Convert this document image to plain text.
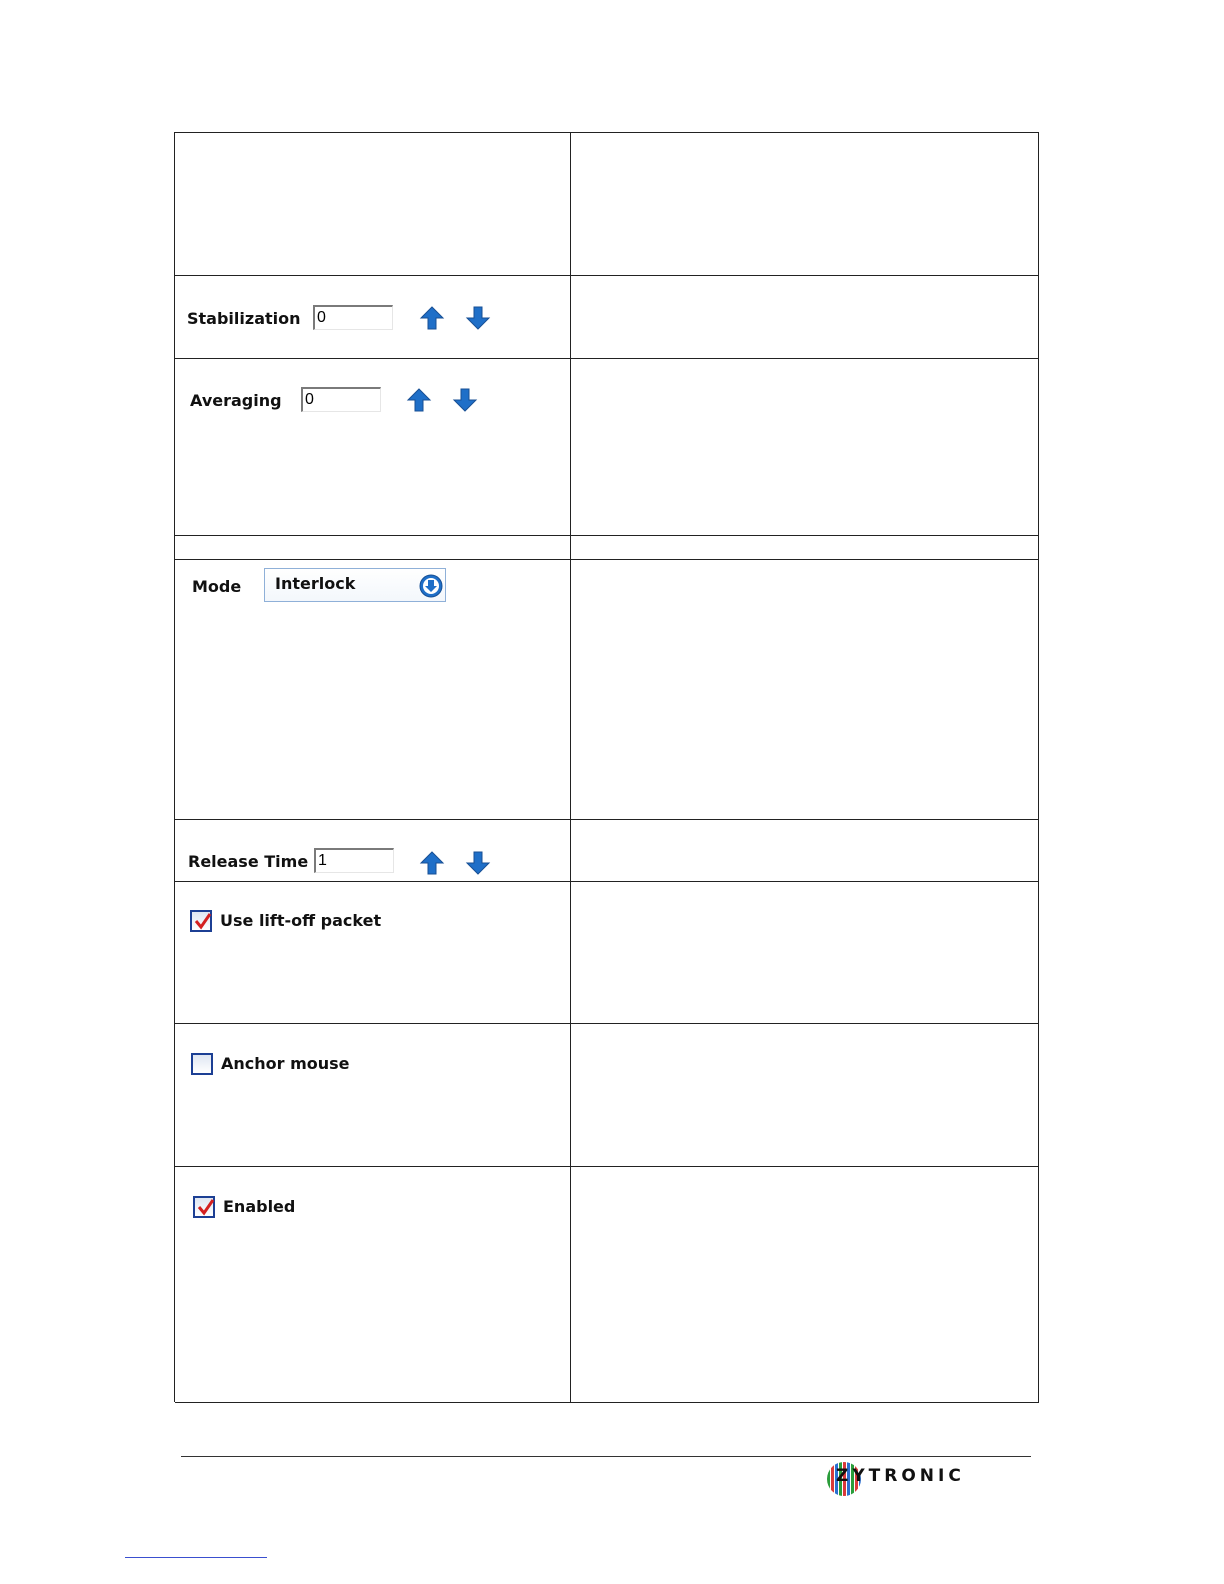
Stabilization 0
Averaging 0
Mode Interlock
Release Time 1
Use lift-off packet
Anchor mouse
Enabled
ZYTRONIC
